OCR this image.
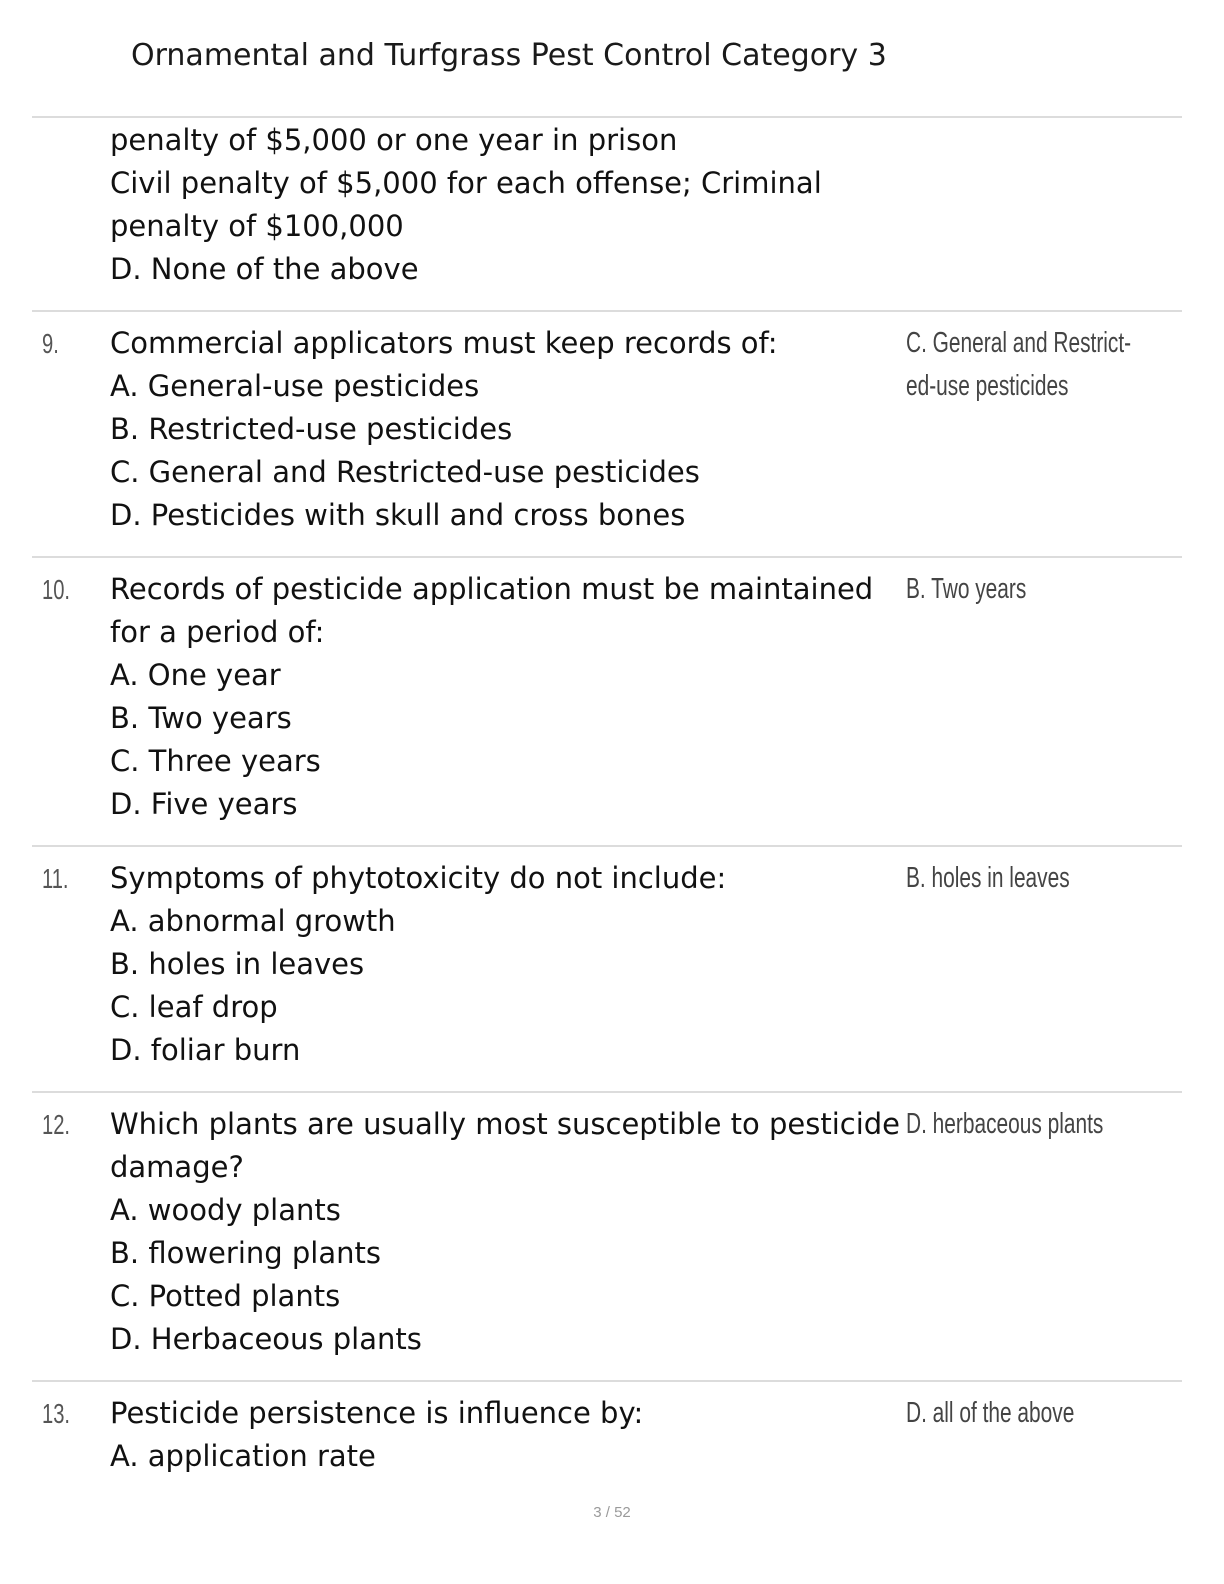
Ornamental and Turfgrass Pest Control Category 3
penalty of $5,000 or one year in prison
Civil penalty of $5,000 for each offense; Criminal
penalty of $100,000
D. None of the above
9. Commercial applicators must keep records of:
A. General-use pesticides
B. Restricted-use pesticides
C. General and Restricted-use pesticides
D. Pesticides with skull and cross bones
C. General and Restrict-
ed-use pesticides
10. Records of pesticide application must be maintained
for a period of:
A. One year
B. Two years
C. Three years
D. Five years
B. Two years
11. Symptoms of phytotoxicity do not include:
A. abnormal growth
B. holes in leaves
C. leaf drop
D. foliar burn
B. holes in leaves
12. Which plants are usually most susceptible to pesticide
damage?
A. woody plants
B. flowering plants
C. Potted plants
D. Herbaceous plants
D. herbaceous plants
13. Pesticide persistence is influence by:
A. application rate
D. all of the above
3 / 52
